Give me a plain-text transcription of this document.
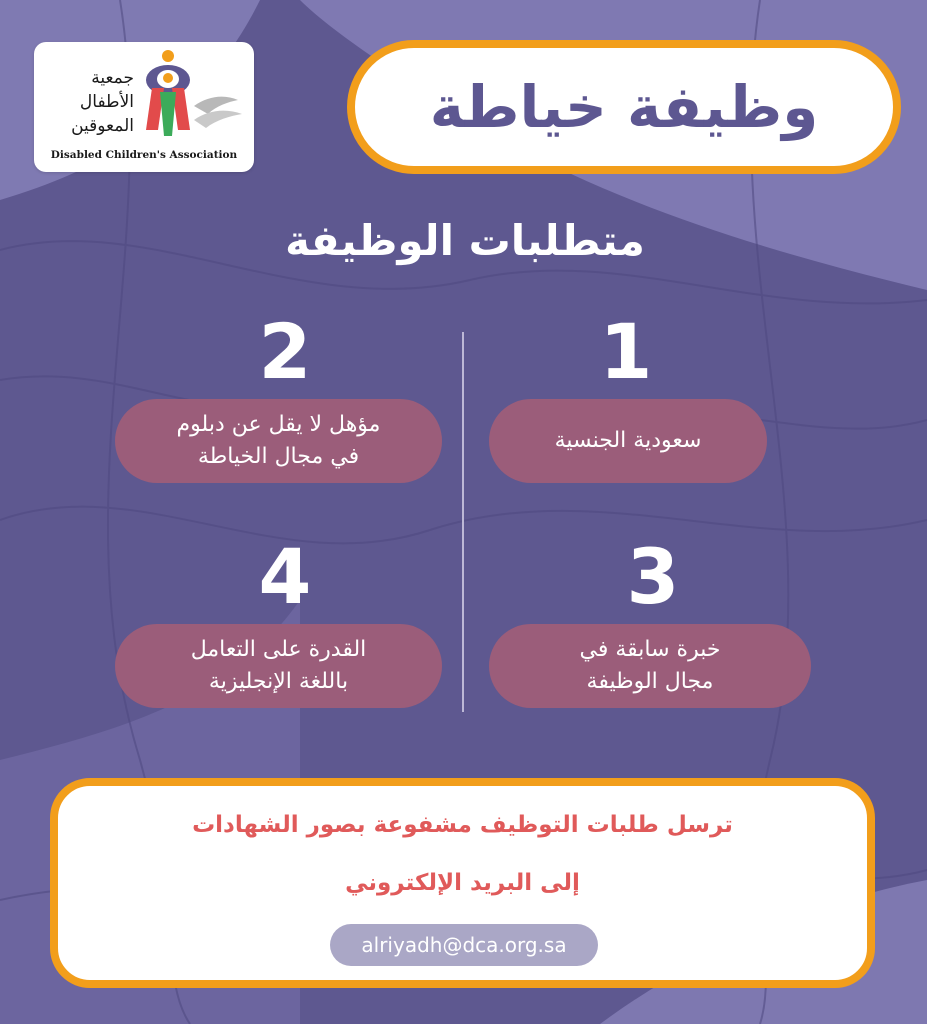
جمعية
الأطفال
المعوقين
Disabled Children's Association
وظيفة خياطة
متطلبات الوظيفة
1
سعودية الجنسية
2
مؤهل لا يقل عن دبلوم
في مجال الخياطة
3
خبرة سابقة في
مجال الوظيفة
4
القدرة على التعامل
باللغة الإنجليزية
ترسل طلبات التوظيف مشفوعة بصور الشهادات
إلى البريد الإلكتروني
alriyadh@dca.org.sa
